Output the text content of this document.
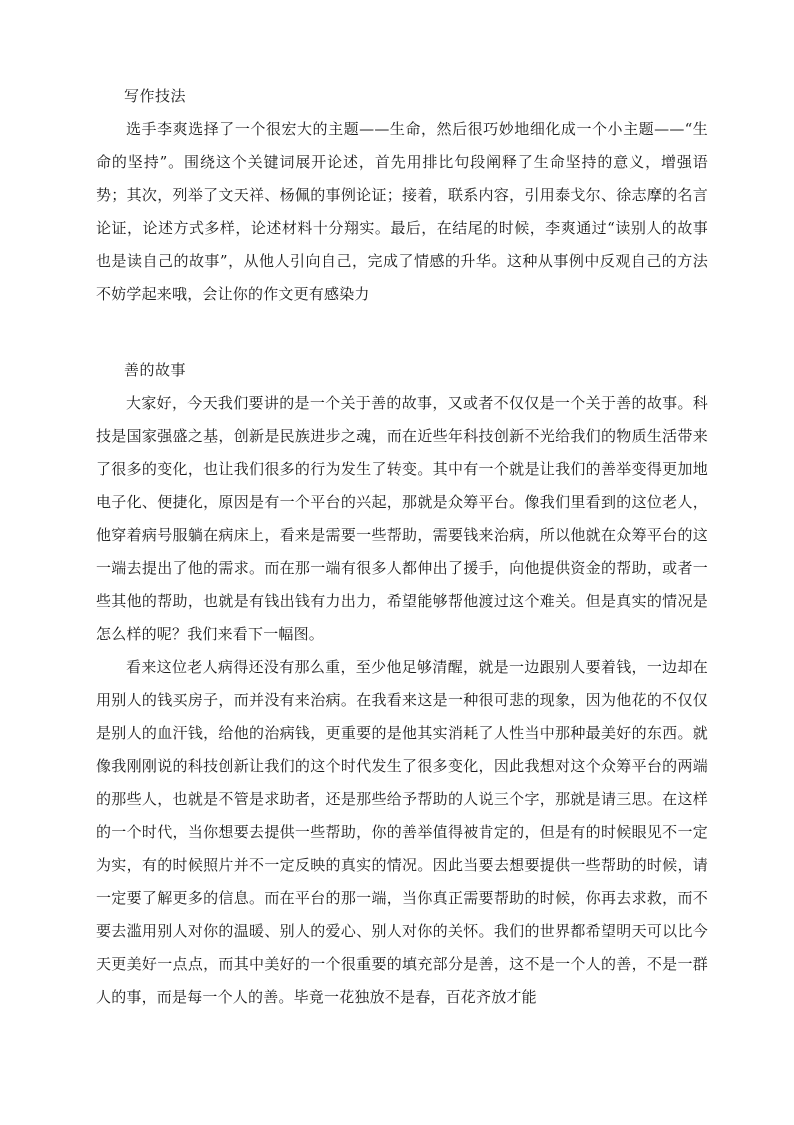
写作技法

选手李爽选择了一个很宏大的主题——生命，然后很巧妙地细化成一个小主题——“生命的坚持”。围绕这个关键词展开论述，首先用排比句段阐释了生命坚持的意义，增强语势；其次，列举了文天祥、杨佩的事例论证；接着，联系内容，引用泰戈尔、徐志摩的名言论证，论述方式多样，论述材料十分翔实。最后，在结尾的时候，李爽通过“读别人的故事也是读自己的故事”，从他人引向自己，完成了情感的升华。这种从事例中反观自己的方法不妨学起来哦，会让你的作文更有感染力

善的故事

大家好，今天我们要讲的是一个关于善的故事，又或者不仅仅是一个关于善的故事。科技是国家强盛之基，创新是民族进步之魂，而在近些年科技创新不光给我们的物质生活带来了很多的变化，也让我们很多的行为发生了转变。其中有一个就是让我们的善举变得更加地电子化、便捷化，原因是有一个平台的兴起，那就是众筹平台。像我们里看到的这位老人，他穿着病号服躺在病床上，看来是需要一些帮助，需要钱来治病，所以他就在众筹平台的这一端去提出了他的需求。而在那一端有很多人都伸出了援手，向他提供资金的帮助，或者一些其他的帮助，也就是有钱出钱有力出力，希望能够帮他渡过这个难关。但是真实的情况是怎么样的呢？我们来看下一幅图。

看来这位老人病得还没有那么重，至少他足够清醒，就是一边跟别人要着钱，一边却在用别人的钱买房子，而并没有来治病。在我看来这是一种很可悲的现象，因为他花的不仅仅是别人的血汗钱，给他的治病钱，更重要的是他其实消耗了人性当中那种最美好的东西。就像我刚刚说的科技创新让我们的这个时代发生了很多变化，因此我想对这个众筹平台的两端的那些人，也就是不管是求助者，还是那些给予帮助的人说三个字，那就是请三思。在这样的一个时代，当你想要去提供一些帮助，你的善举值得被肯定的，但是有的时候眼见不一定为实，有的时候照片并不一定反映的真实的情况。因此当要去想要提供一些帮助的时候，请一定要了解更多的信息。而在平台的那一端，当你真正需要帮助的时候，你再去求救，而不要去滥用别人对你的温暖、别人的爱心、别人对你的关怀。我们的世界都希望明天可以比今天更美好一点点，而其中美好的一个很重要的填充部分是善，这不是一个人的善，不是一群人的事，而是每一个人的善。毕竟一花独放不是春，百花齐放才能
